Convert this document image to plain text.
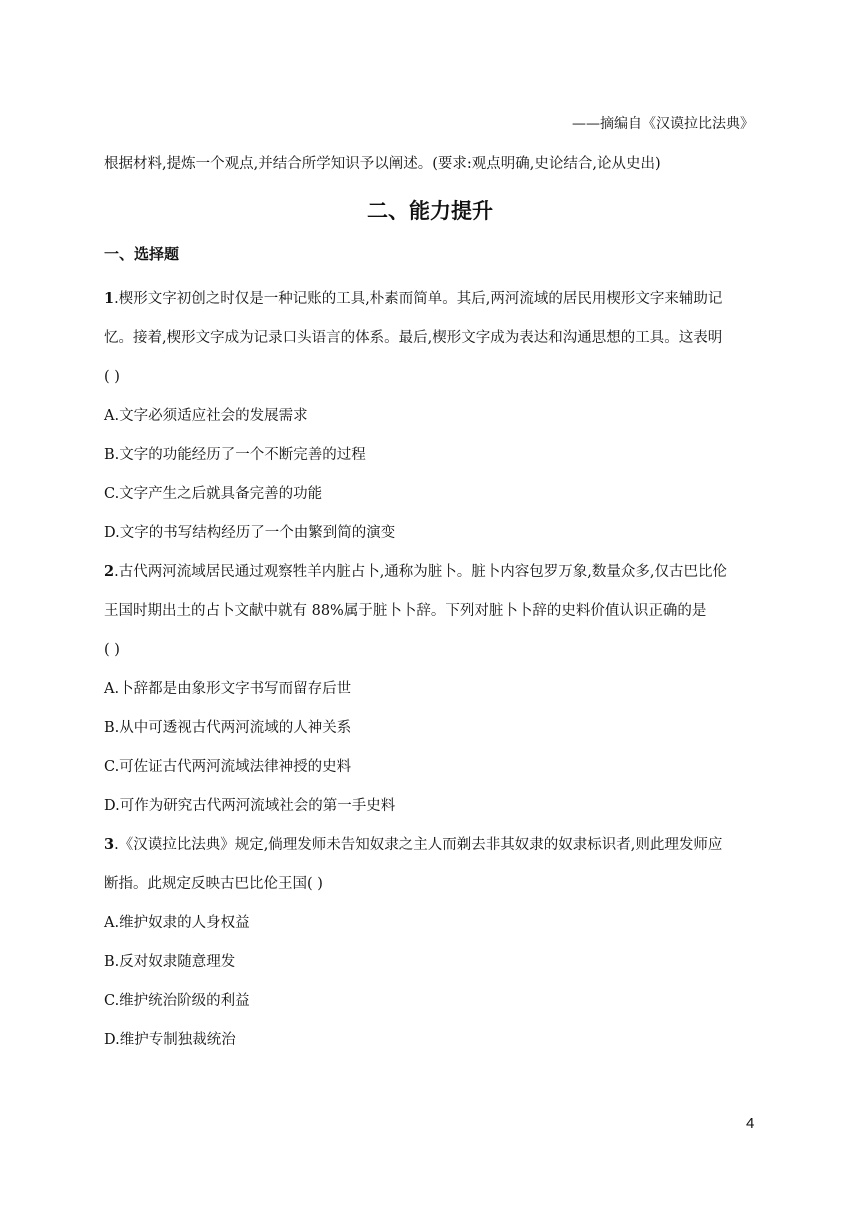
——摘编自《汉谟拉比法典》
根据材料,提炼一个观点,并结合所学知识予以阐述。(要求:观点明确,史论结合,论从史出)
二、能力提升
一、选择题
1.楔形文字初创之时仅是一种记账的工具,朴素而简单。其后,两河流域的居民用楔形文字来辅助记
忆。接着,楔形文字成为记录口头语言的体系。最后,楔形文字成为表达和沟通思想的工具。这表明
( )
A.文字必须适应社会的发展需求
B.文字的功能经历了一个不断完善的过程
C.文字产生之后就具备完善的功能
D.文字的书写结构经历了一个由繁到简的演变
2.古代两河流域居民通过观察牲羊内脏占卜,通称为脏卜。脏卜内容包罗万象,数量众多,仅古巴比伦
王国时期出土的占卜文献中就有 88%属于脏卜卜辞。下列对脏卜卜辞的史料价值认识正确的是
( )
A.卜辞都是由象形文字书写而留存后世
B.从中可透视古代两河流域的人神关系
C.可佐证古代两河流域法律神授的史料
D.可作为研究古代两河流域社会的第一手史料
3.《汉谟拉比法典》规定,倘理发师未告知奴隶之主人而剃去非其奴隶的奴隶标识者,则此理发师应
断指。此规定反映古巴比伦王国( )
A.维护奴隶的人身权益
B.反对奴隶随意理发
C.维护统治阶级的利益
D.维护专制独裁统治
4
